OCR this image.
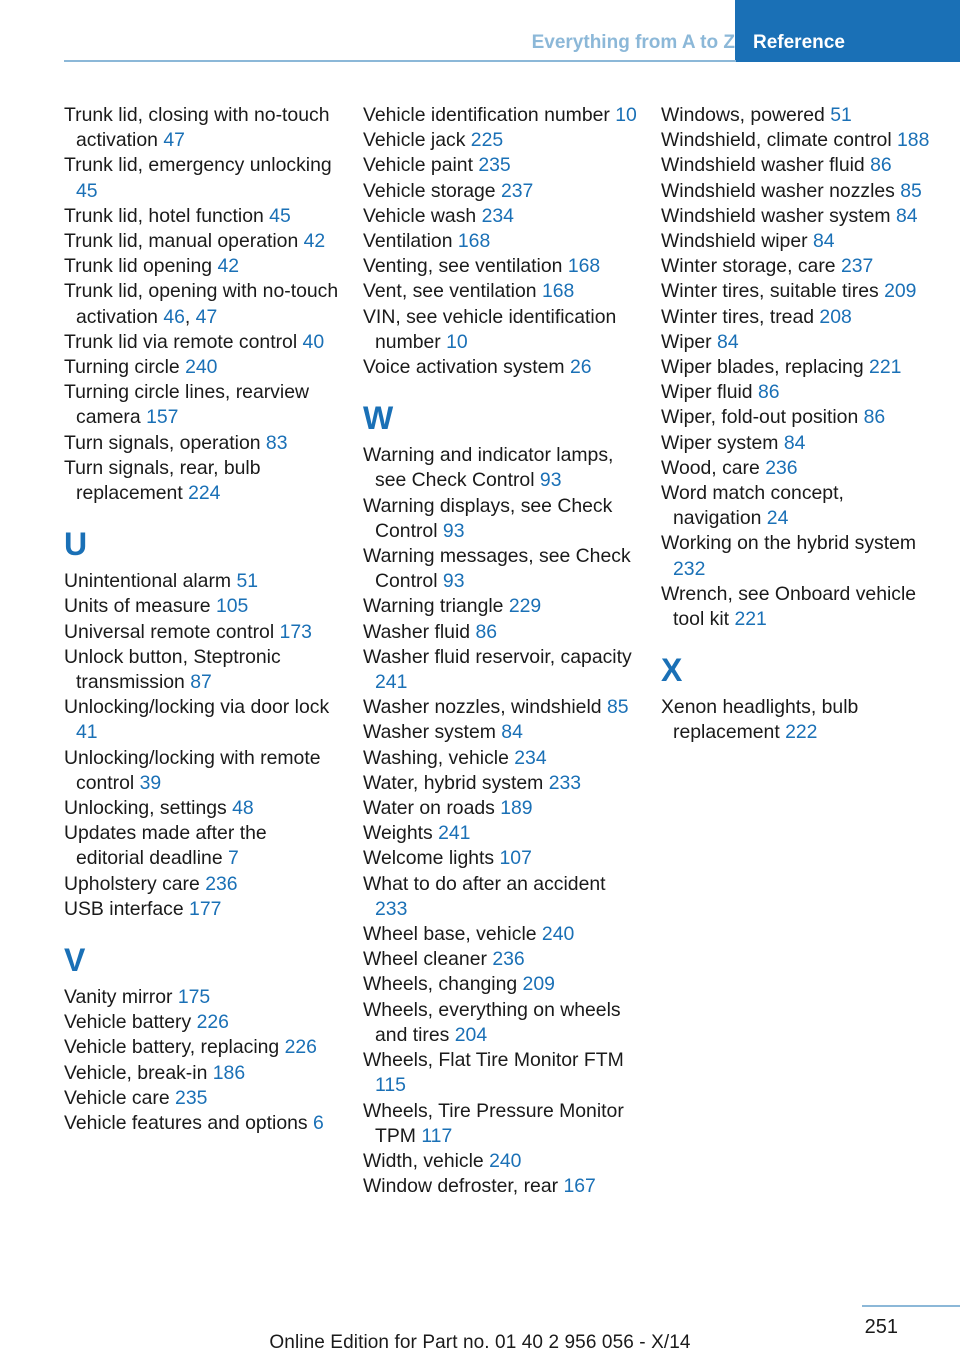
Everything from A to Z Reference
Trunk lid, closing with no-touch activation 47
Trunk lid, emergency unlocking 45
Trunk lid, hotel function 45
Trunk lid, manual operation 42
Trunk lid opening 42
Trunk lid, opening with no-touch activation 46, 47
Trunk lid via remote control 40
Turning circle 240
Turning circle lines, rearview camera 157
Turn signals, operation 83
Turn signals, rear, bulb replacement 224
U
Unintentional alarm 51
Units of measure 105
Universal remote control 173
Unlock button, Steptronic transmission 87
Unlocking/locking via door lock 41
Unlocking/locking with remote control 39
Unlocking, settings 48
Updates made after the editorial deadline 7
Upholstery care 236
USB interface 177
V
Vanity mirror 175
Vehicle battery 226
Vehicle battery, replacing 226
Vehicle, break-in 186
Vehicle care 235
Vehicle features and options 6
Vehicle identification number 10
Vehicle jack 225
Vehicle paint 235
Vehicle storage 237
Vehicle wash 234
Ventilation 168
Venting, see ventilation 168
Vent, see ventilation 168
VIN, see vehicle identification number 10
Voice activation system 26
W
Warning and indicator lamps, see Check Control 93
Warning displays, see Check Control 93
Warning messages, see Check Control 93
Warning triangle 229
Washer fluid 86
Washer fluid reservoir, capacity 241
Washer nozzles, windshield 85
Washer system 84
Washing, vehicle 234
Water, hybrid system 233
Water on roads 189
Weights 241
Welcome lights 107
What to do after an accident 233
Wheel base, vehicle 240
Wheel cleaner 236
Wheels, changing 209
Wheels, everything on wheels and tires 204
Wheels, Flat Tire Monitor FTM 115
Wheels, Tire Pressure Monitor TPM 117
Width, vehicle 240
Window defroster, rear 167
Windows, powered 51
Windshield, climate control 188
Windshield washer fluid 86
Windshield washer nozzles 85
Windshield washer system 84
Windshield wiper 84
Winter storage, care 237
Winter tires, suitable tires 209
Winter tires, tread 208
Wiper 84
Wiper blades, replacing 221
Wiper fluid 86
Wiper, fold-out position 86
Wiper system 84
Wood, care 236
Word match concept, navigation 24
Working on the hybrid system 232
Wrench, see Onboard vehicle tool kit 221
X
Xenon headlights, bulb replacement 222
251
Online Edition for Part no. 01 40 2 956 056 - X/14
